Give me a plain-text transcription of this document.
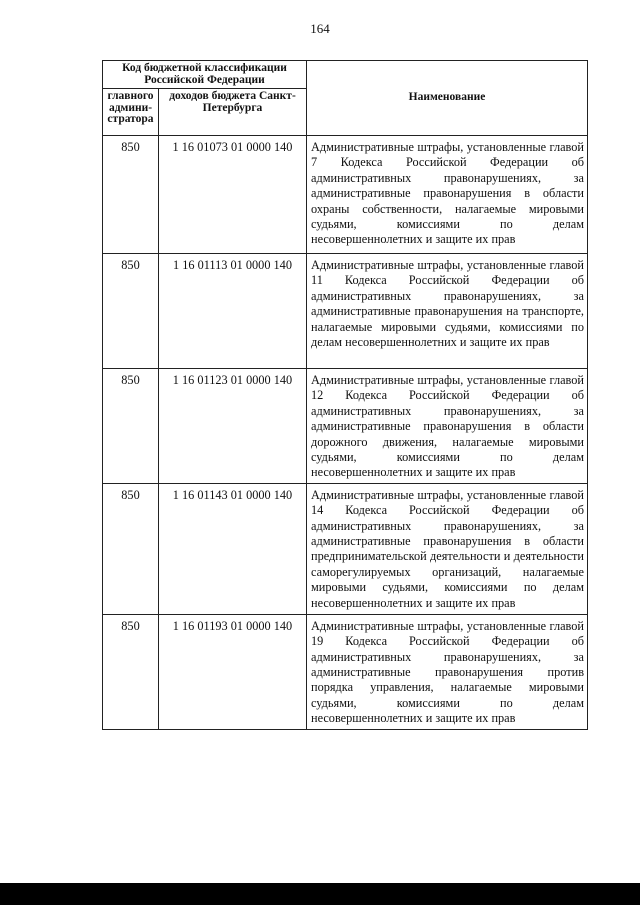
164
Код бюджетной классификации Российской Федерации		Наименование

главного админи-стратора	доходов бюджета Санкт-Петербурга	

850	1 16 01073 01 0000 140	Административные штрафы, установленные главой 7 Кодекса Российской Федерации об административных правонарушениях, за административные правонарушения в области охраны собственности, налагаемые мировыми судьями, комиссиями по делам несовершеннолетних и защите их прав
850	1 16 01113 01 0000 140	Административные штрафы, установленные главой 11 Кодекса Российской Федерации об административных правонарушениях, за административные правонарушения на транспорте, налагаемые мировыми судьями, комиссиями по делам несовершеннолетних и защите их прав
850	1 16 01123 01 0000 140	Административные штрафы, установленные главой 12 Кодекса Российской Федерации об административных правонарушениях, за административные правонарушения в области дорожного движения, налагаемые мировыми судьями, комиссиями по делам несовершеннолетних и защите их прав
850	1 16 01143 01 0000 140	Административные штрафы, установленные главой 14 Кодекса Российской Федерации об административных правонарушениях, за административные правонарушения в области предпринимательской деятельности и деятельности саморегулируемых организаций, налагаемые мировыми судьями, комиссиями по делам несовершеннолетних и защите их прав
850	1 16 01193 01 0000 140	Административные штрафы, установленные главой 19 Кодекса Российской Федерации об административных правонарушениях, за административные правонарушения против порядка управления, налагаемые мировыми судьями, комиссиями по делам несовершеннолетних и защите их прав
